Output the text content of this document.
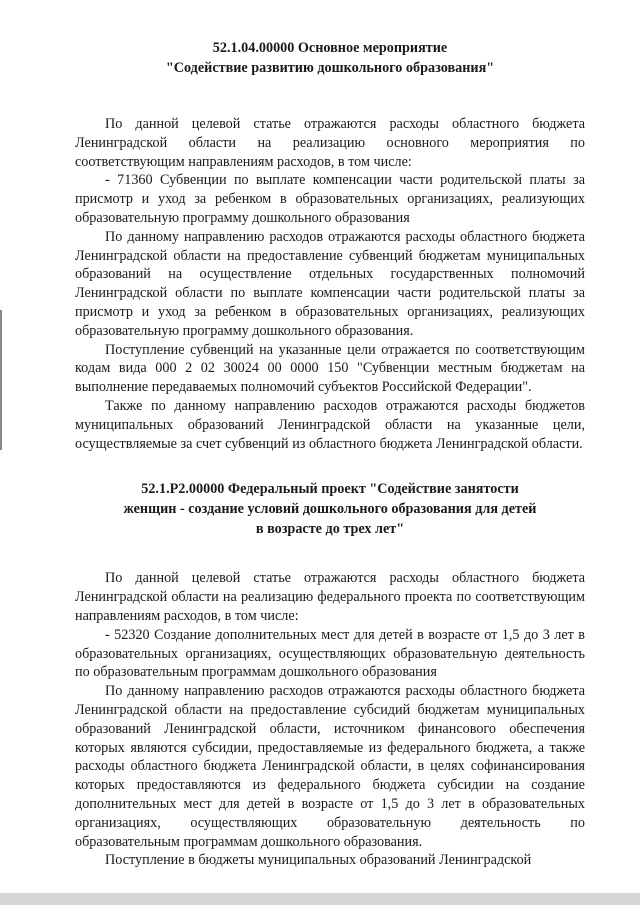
52.1.04.00000 Основное мероприятие
"Содействие развитию дошкольного образования"

По данной целевой статье отражаются расходы областного бюджета Ленинградской области на реализацию основного мероприятия по соответствующим направлениям расходов, в том числе:

- 71360 Субвенции по выплате компенсации части родительской платы за присмотр и уход за ребенком в образовательных организациях, реализующих образовательную программу дошкольного образования

По данному направлению расходов отражаются расходы областного бюджета Ленинградской области на предоставление субвенций бюджетам муниципальных образований на осуществление отдельных государственных полномочий Ленинградской области по выплате компенсации части родительской платы за присмотр и уход за ребенком в образовательных организациях, реализующих образовательную программу дошкольного образования.

Поступление субвенций на указанные цели отражается по соответствующим кодам вида 000 2 02 30024 00 0000 150 "Субвенции местным бюджетам на выполнение передаваемых полномочий субъектов Российской Федерации".

Также по данному направлению расходов отражаются расходы бюджетов муниципальных образований Ленинградской области на указанные цели, осуществляемые за счет субвенций из областного бюджета Ленинградской области.

52.1.Р2.00000 Федеральный проект "Содействие занятости
женщин - создание условий дошкольного образования для детей
в возрасте до трех лет"

По данной целевой статье отражаются расходы областного бюджета Ленинградской области на реализацию федерального проекта по соответствующим направлениям расходов, в том числе:

- 52320 Создание дополнительных мест для детей в возрасте от 1,5 до 3 лет в образовательных организациях, осуществляющих образовательную деятельность по образовательным программам дошкольного образования

По данному направлению расходов отражаются расходы областного бюджета Ленинградской области на предоставление субсидий бюджетам муниципальных образований Ленинградской области, источником финансового обеспечения которых являются субсидии, предоставляемые из федерального бюджета, а также расходы областного бюджета Ленинградской области, в целях софинансирования которых предоставляются из федерального бюджета субсидии на создание дополнительных мест для детей в возрасте от 1,5 до 3 лет в образовательных организациях, осуществляющих образовательную деятельность по образовательным программам дошкольного образования.

Поступление в бюджеты муниципальных образований Ленинградской
